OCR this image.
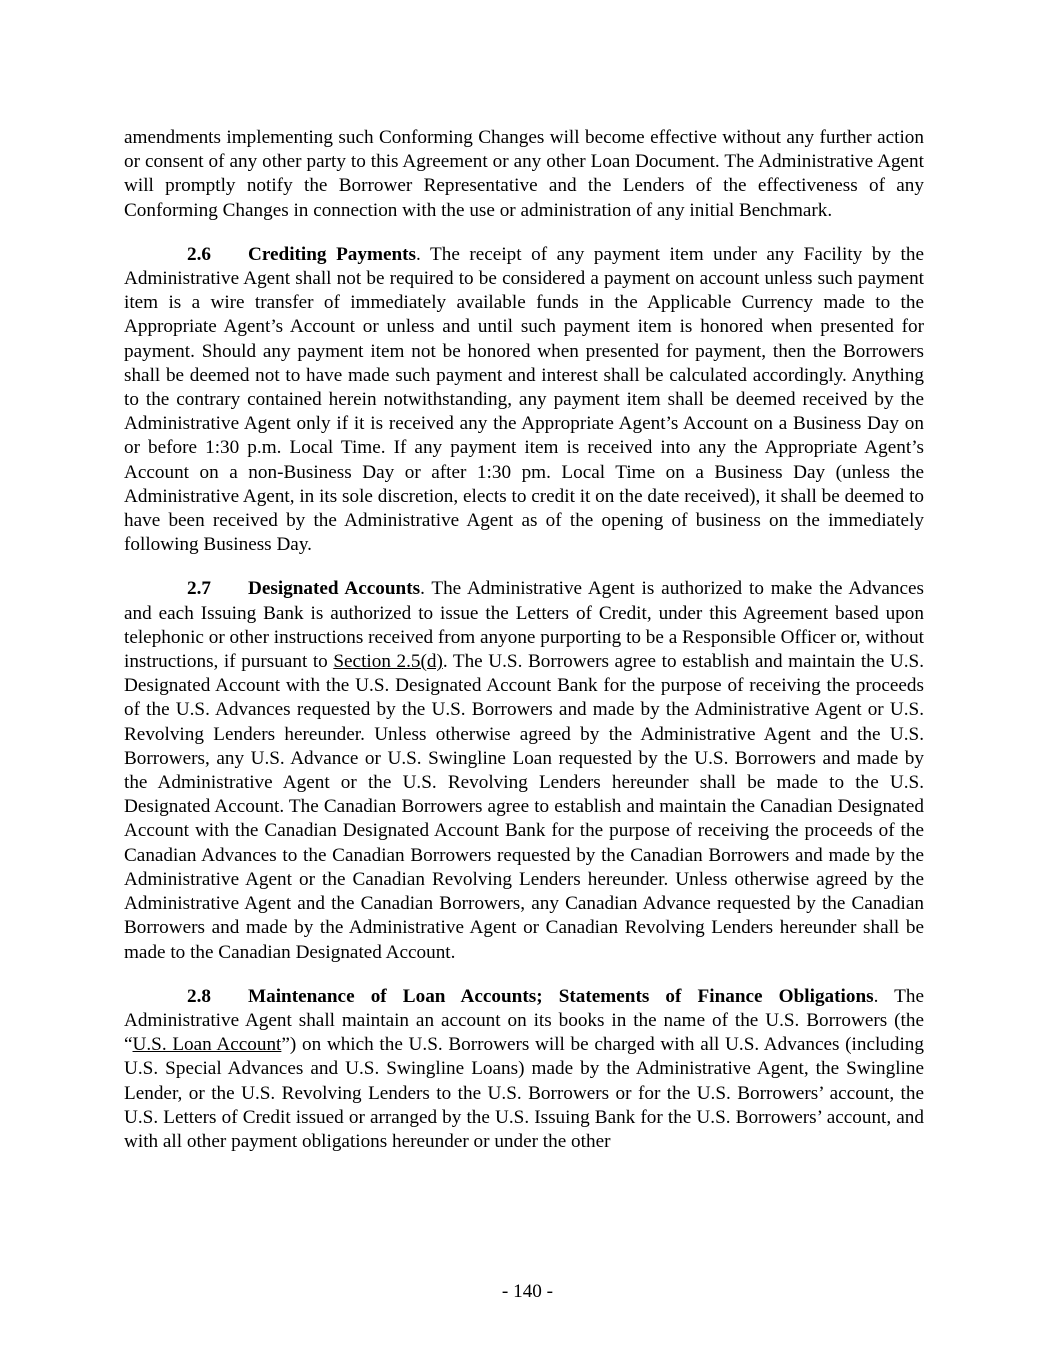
amendments implementing such Conforming Changes will become effective without any further action or consent of any other party to this Agreement or any other Loan Document. The Administrative Agent will promptly notify the Borrower Representative and the Lenders of the effectiveness of any Conforming Changes in connection with the use or administration of any initial Benchmark.

2.6 Crediting Payments. The receipt of any payment item under any Facility by the Administrative Agent shall not be required to be considered a payment on account unless such payment item is a wire transfer of immediately available funds in the Applicable Currency made to the Appropriate Agent’s Account or unless and until such payment item is honored when presented for payment. Should any payment item not be honored when presented for payment, then the Borrowers shall be deemed not to have made such payment and interest shall be calculated accordingly. Anything to the contrary contained herein notwithstanding, any payment item shall be deemed received by the Administrative Agent only if it is received any the Appropriate Agent’s Account on a Business Day on or before 1:30 p.m. Local Time. If any payment item is received into any the Appropriate Agent’s Account on a non-Business Day or after 1:30 pm. Local Time on a Business Day (unless the Administrative Agent, in its sole discretion, elects to credit it on the date received), it shall be deemed to have been received by the Administrative Agent as of the opening of business on the immediately following Business Day.

2.7 Designated Accounts. The Administrative Agent is authorized to make the Advances and each Issuing Bank is authorized to issue the Letters of Credit, under this Agreement based upon telephonic or other instructions received from anyone purporting to be a Responsible Officer or, without instructions, if pursuant to Section 2.5(d). The U.S. Borrowers agree to establish and maintain the U.S. Designated Account with the U.S. Designated Account Bank for the purpose of receiving the proceeds of the U.S. Advances requested by the U.S. Borrowers and made by the Administrative Agent or U.S. Revolving Lenders hereunder. Unless otherwise agreed by the Administrative Agent and the U.S. Borrowers, any U.S. Advance or U.S. Swingline Loan requested by the U.S. Borrowers and made by the Administrative Agent or the U.S. Revolving Lenders hereunder shall be made to the U.S. Designated Account. The Canadian Borrowers agree to establish and maintain the Canadian Designated Account with the Canadian Designated Account Bank for the purpose of receiving the proceeds of the Canadian Advances to the Canadian Borrowers requested by the Canadian Borrowers and made by the Administrative Agent or the Canadian Revolving Lenders hereunder. Unless otherwise agreed by the Administrative Agent and the Canadian Borrowers, any Canadian Advance requested by the Canadian Borrowers and made by the Administrative Agent or Canadian Revolving Lenders hereunder shall be made to the Canadian Designated Account.

2.8 Maintenance of Loan Accounts; Statements of Finance Obligations. The Administrative Agent shall maintain an account on its books in the name of the U.S. Borrowers (the “U.S. Loan Account”) on which the U.S. Borrowers will be charged with all U.S. Advances (including U.S. Special Advances and U.S. Swingline Loans) made by the Administrative Agent, the Swingline Lender, or the U.S. Revolving Lenders to the U.S. Borrowers or for the U.S. Borrowers’ account, the U.S. Letters of Credit issued or arranged by the U.S. Issuing Bank for the U.S. Borrowers’ account, and with all other payment obligations hereunder or under the other

- 140 -
